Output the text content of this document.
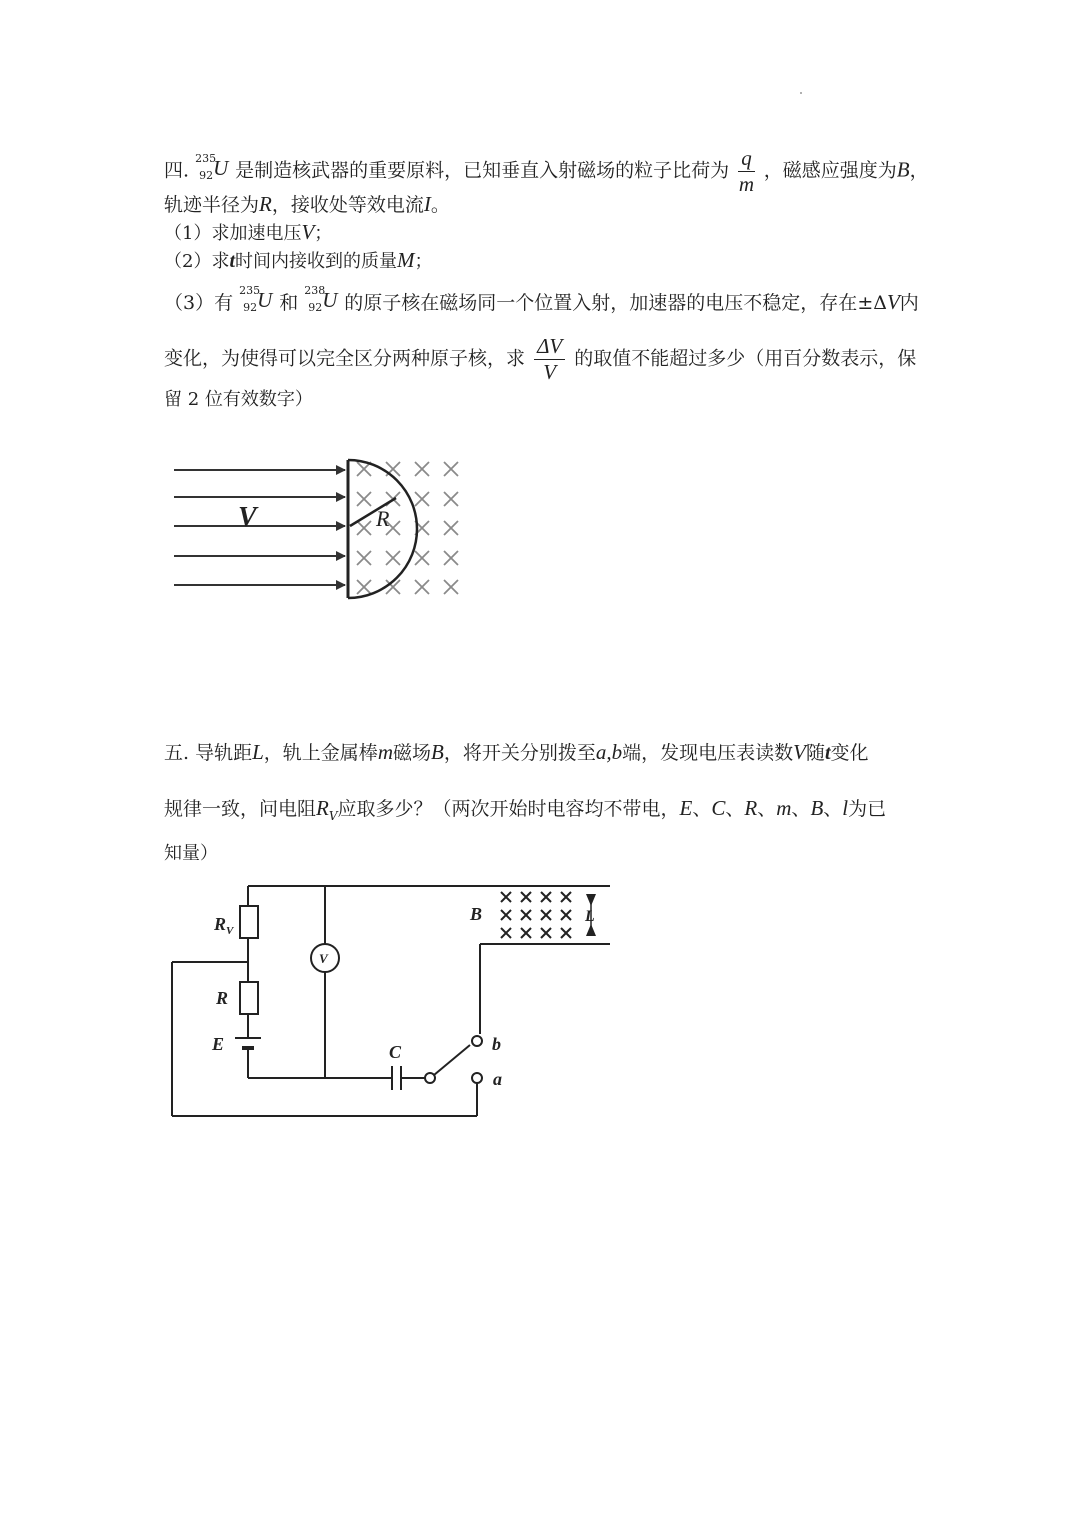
四.
235
92 U 是制造核武器的重要原料，已知垂直入射磁场的粒子比荷为 $\frac{q}{m}$ ，磁感应强度为B，
轨迹半径为R，接收处等效电流I。
（1）求加速电压V；
（2）求t时间内接收到的质量M；
（3）有
235
92 U 和
238
92 U 的原子核在磁场同一个位置入射，加速器的电压不稳定，存在±ΔV内
变化，为使得可以完全区分两种原子核，求 $\frac{\Delta V}{V}$ 的取值不能超过多少（用百分数表示，保
留 2 位有效数字）
V	R
$R_V$
R
E	C
V
B	L
b
a
五. 导轨距L，轨上金属棒m磁场B，将开关分别拨至a,b端，发现电压表读数V随t变化
规律一致，问电阻$R_V$应取多少？（两次开始时电容均不带电，E、C、R、m、B、l为已
知量）
